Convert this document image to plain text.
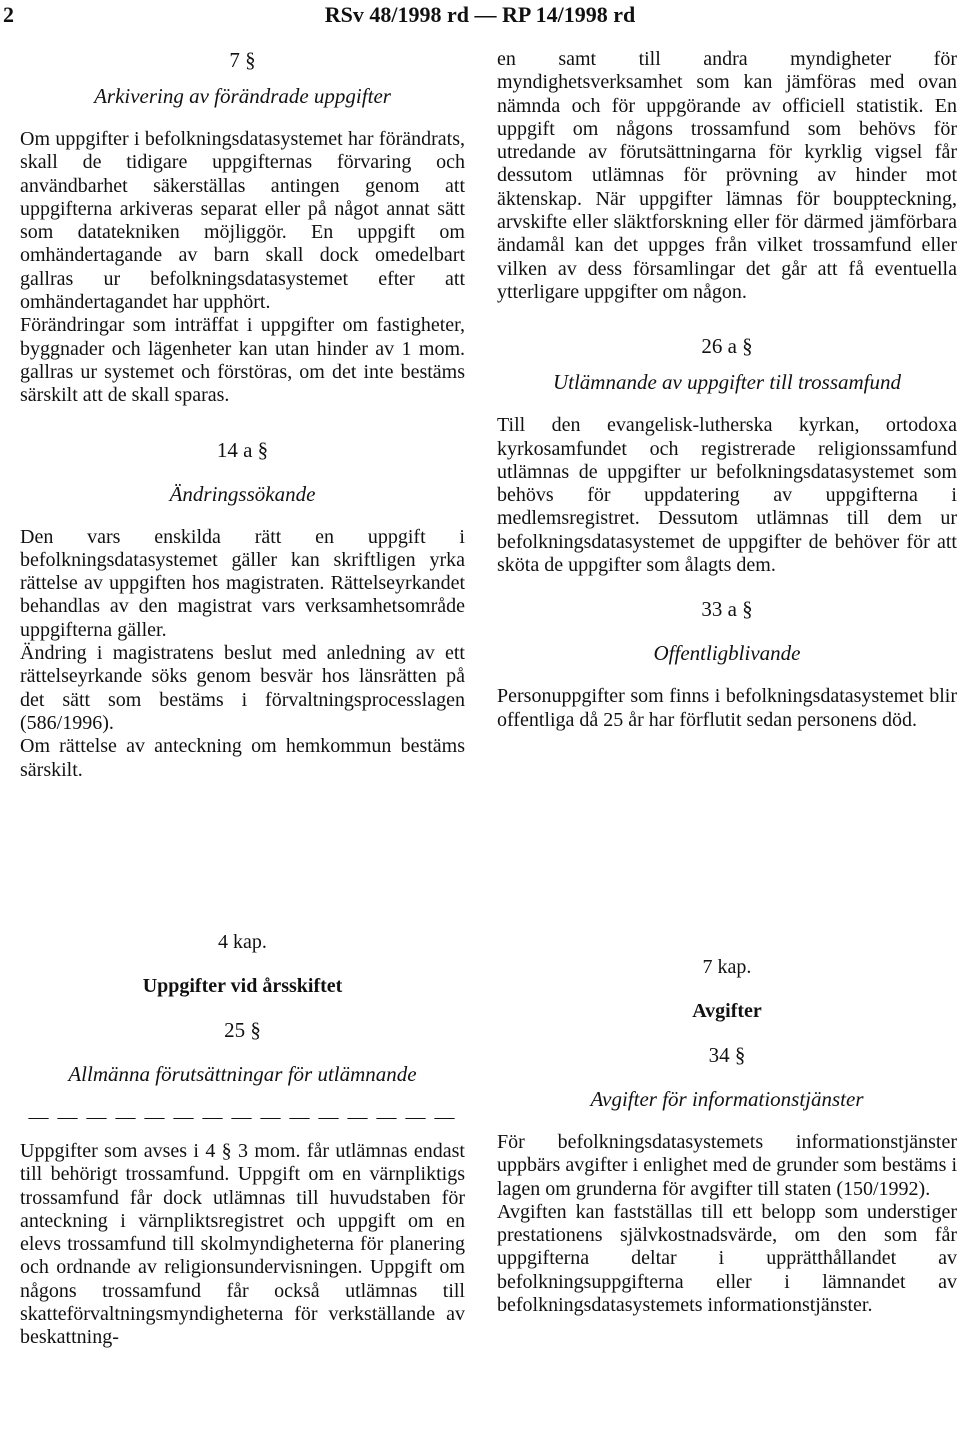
2	RSv 48/1998 rd — RP 14/1998 rd
7 §
Arkivering av förändrade uppgifter

Om uppgifter i befolkningsdatasystemet har förändrats, skall de tidigare uppgifternas förvaring och användbarhet säkerställas antingen genom att uppgifterna arkiveras separat eller på något annat sätt som datatekniken möjliggör. En uppgift om omhändertagande av barn skall dock omedelbart gallras ur befolkningsdatasystemet efter att omhändertagandet har upphört.

Förändringar som inträffat i uppgifter om fastigheter, byggnader och lägenheter kan utan hinder av 1 mom. gallras ur systemet och förstöras, om det inte bestäms särskilt att de skall sparas.

14 a §
Ändringssökande

Den vars enskilda rätt en uppgift i befolkningsdatasystemet gäller kan skriftligen yrka rättelse av uppgiften hos magistraten. Rättelseyrkandet behandlas av den magistrat vars verksamhetsområde uppgifterna gäller.

Ändring i magistratens beslut med anledning av ett rättelseyrkande söks genom besvär hos länsrätten på det sätt som bestäms i förvaltningsprocesslagen (586/1996).

Om rättelse av anteckning om hemkommun bestäms särskilt.

en samt till andra myndigheter för myndighetsverksamhet som kan jämföras med ovan nämnda och för uppgörande av officiell statistik. En uppgift om någons trossamfund som behövs för utredande av förutsättningarna för kyrklig vigsel får dessutom utlämnas för prövning av hinder mot äktenskap. När uppgifter lämnas för bouppteckning, arvskifte eller släktforskning eller för därmed jämförbara ändamål kan det uppges från vilket trossamfund eller vilken av dess församlingar det går att få eventuella ytterligare uppgifter om någon.

26 a §
Utlämnande av uppgifter till trossamfund

Till den evangelisk-lutherska kyrkan, ortodoxa kyrkosamfundet och registrerade religionssamfund utlämnas de uppgifter ur befolkningsdatasystemet som behövs för uppdatering av uppgifterna i medlemsregistret. Dessutom utlämnas till dem ur befolkningsdatasystemet de uppgifter de behöver för att sköta de uppgifter som ålagts dem.

33 a §
Offentligblivande

Personuppgifter som finns i befolkningsdatasystemet blir offentliga då 25 år har förflutit sedan personens död.

4 kap.
Uppgifter vid årsskiftet
25 §
Allmänna förutsättningar för utlämnande
— — — — — — — — — — — — — — —

Uppgifter som avses i 4 § 3 mom. får utlämnas endast till behörigt trossamfund. Uppgift om en värnpliktigs trossamfund får dock utlämnas till huvudstaben för anteckning i värnpliktsregistret och uppgift om en elevs trossamfund till skolmyndigheterna för planering och ordnande av religionsundervisningen. Uppgift om någons trossamfund får också utlämnas till skatteförvaltningsmyndigheterna för verkställande av beskattning-

7 kap.
Avgifter
34 §
Avgifter för informationstjänster

För befolkningsdatasystemets informationstjänster uppbärs avgifter i enlighet med de grunder som bestäms i lagen om grunderna för avgifter till staten (150/1992).

Avgiften kan fastställas till ett belopp som understiger prestationens självkostnadsvärde, om den som får uppgifterna deltar i upprätthållandet av befolkningsuppgifterna eller i lämnandet av befolkningsdatasystemets informationstjänster.
